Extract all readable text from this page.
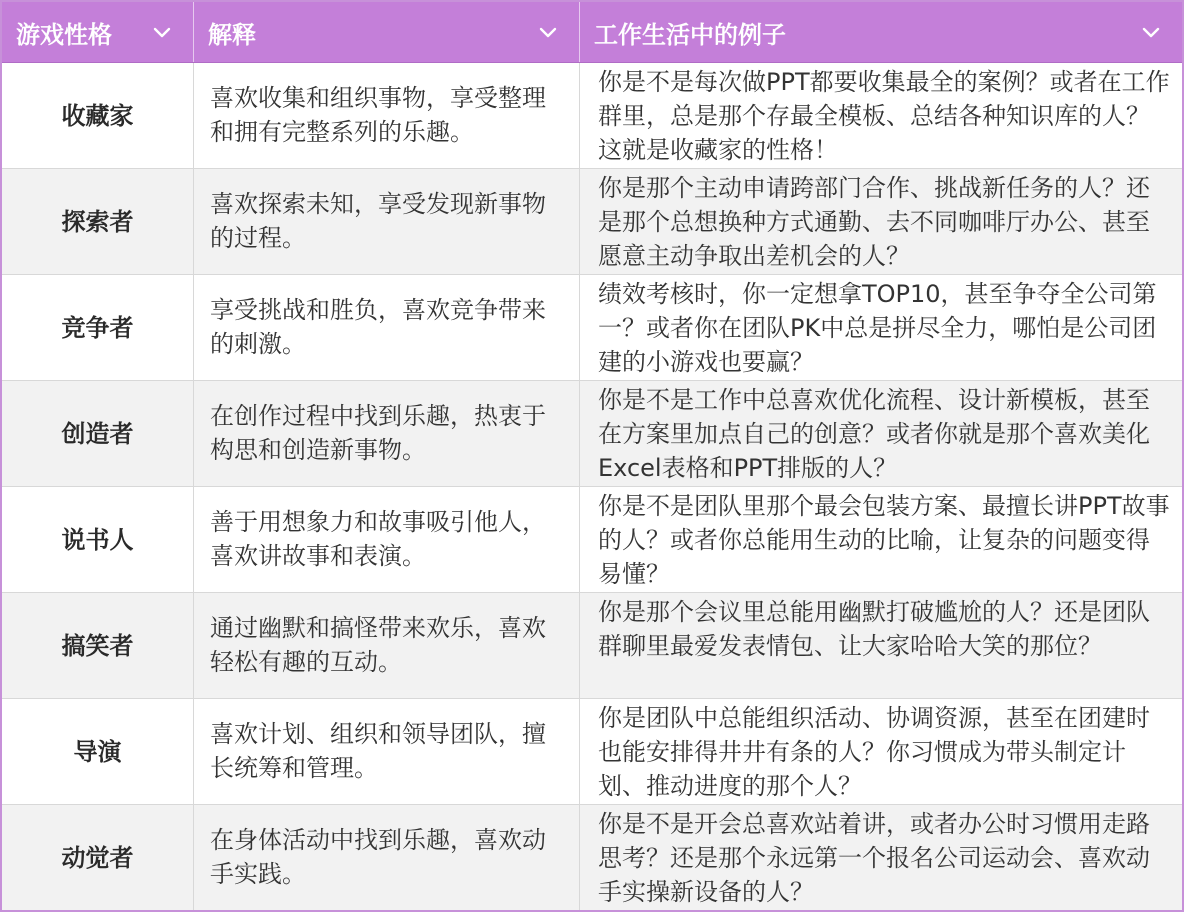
游戏性格	解释	工作生活中的例子
收藏家
喜欢收集和组织事物，享受整理和拥有完整系列的乐趣。
你是不是每次做PPT都要收集最全的案例？或者在工作群里，总是那个存最全模板、总结各种知识库的人？这就是收藏家的性格！
探索者
喜欢探索未知，享受发现新事物的过程。
你是那个主动申请跨部门合作、挑战新任务的人？还是那个总想换种方式通勤、去不同咖啡厅办公、甚至愿意主动争取出差机会的人？
竞争者
享受挑战和胜负，喜欢竞争带来的刺激。
绩效考核时，你一定想拿TOP10，甚至争夺全公司第一？或者你在团队PK中总是拼尽全力，哪怕是公司团建的小游戏也要赢？
创造者
在创作过程中找到乐趣，热衷于构思和创造新事物。
你是不是工作中总喜欢优化流程、设计新模板，甚至在方案里加点自己的创意？或者你就是那个喜欢美化Excel表格和PPT排版的人？
说书人
善于用想象力和故事吸引他人，喜欢讲故事和表演。
你是不是团队里那个最会包装方案、最擅长讲PPT故事的人？或者你总能用生动的比喻，让复杂的问题变得易懂？
搞笑者
通过幽默和搞怪带来欢乐，喜欢轻松有趣的互动。
你是那个会议里总能用幽默打破尴尬的人？还是团队群聊里最爱发表情包、让大家哈哈大笑的那位？
导演
喜欢计划、组织和领导团队，擅长统筹和管理。
你是团队中总能组织活动、协调资源，甚至在团建时也能安排得井井有条的人？你习惯成为带头制定计划、推动进度的那个人？
动觉者
在身体活动中找到乐趣，喜欢动手实践。
你是不是开会总喜欢站着讲，或者办公时习惯用走路思考？还是那个永远第一个报名公司运动会、喜欢动手实操新设备的人？
